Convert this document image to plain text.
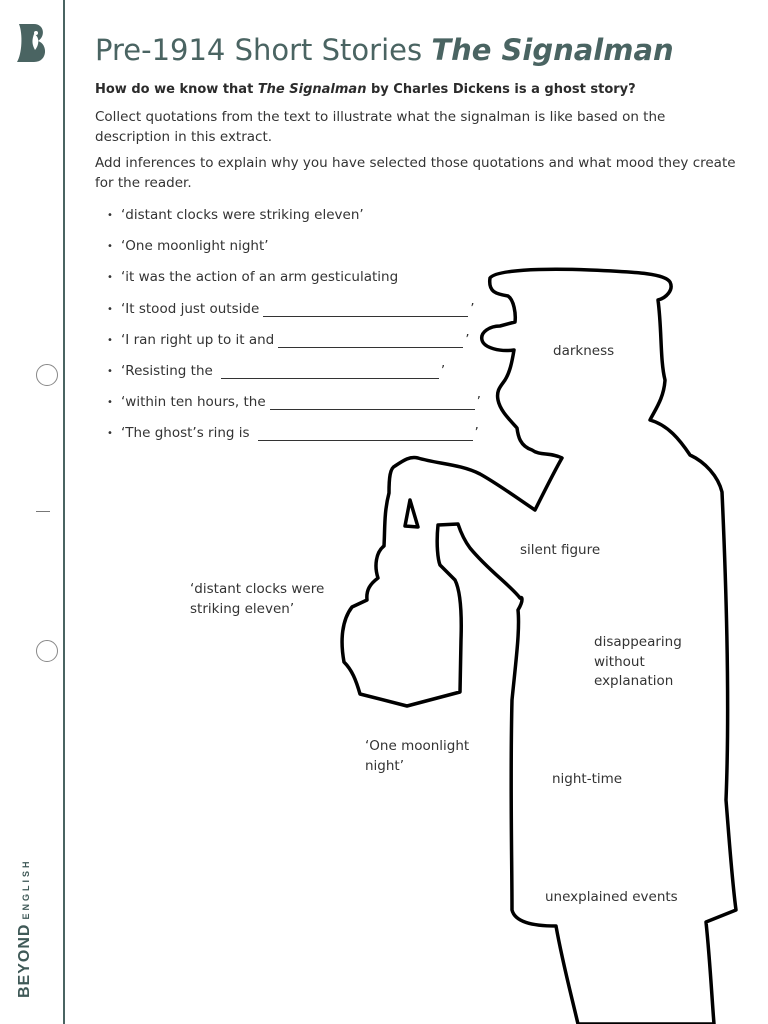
BEYONDENGLISH
Pre-1914 Short Stories The Signalman
How do we know that The Signalman by Charles Dickens is a ghost story?
Collect quotations from the text to illustrate what the signalman is like based on the description in this extract.
Add inferences to explain why you have selected those quotations and what mood they create for the reader.
• ‘distant clocks were striking eleven’
• ‘One moonlight night’
• ‘it was the action of an arm gesticulating
• ‘It stood just outside	’
• ‘I ran right up to it and	’
• ‘Resisting the	’
• ‘within ten hours, the	’
• ‘The ghost’s ring is	’
darkness
silent figure
disappearing
without
explanation
‘distant clocks were
striking eleven’
‘One moonlight
night’
night-time
unexplained events
